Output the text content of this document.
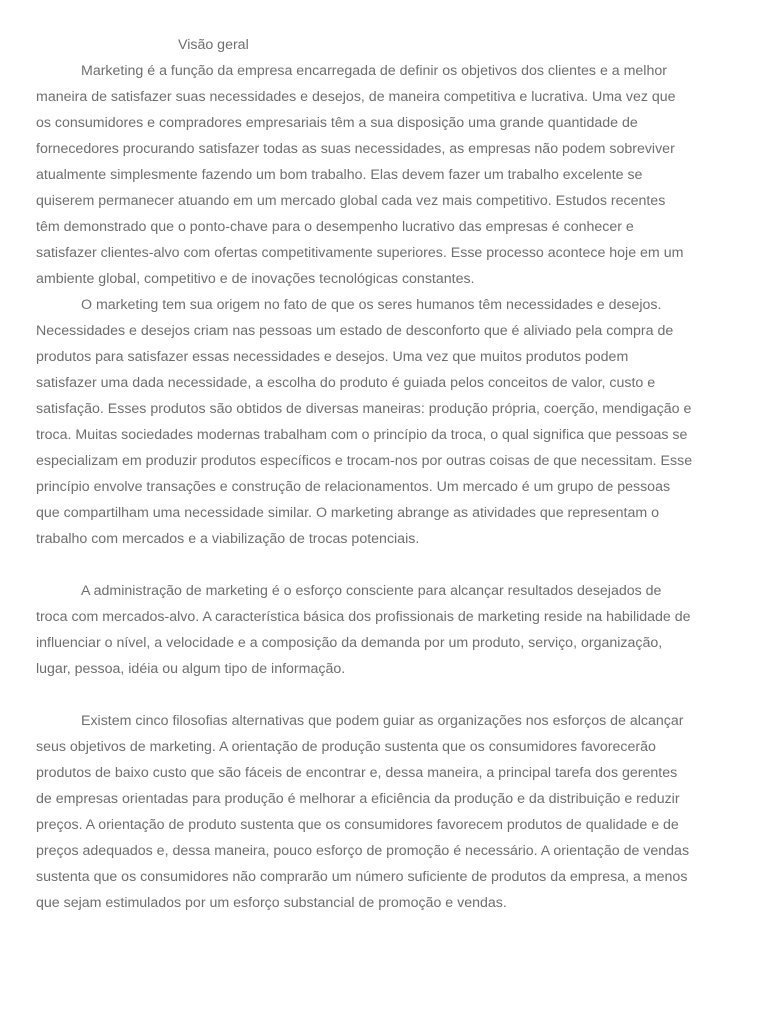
Visão geral

Marketing é a função da empresa encarregada de definir os objetivos dos clientes e a melhor
maneira de satisfazer suas necessidades e desejos, de maneira competitiva e lucrativa. Uma vez que
os consumidores e compradores empresariais têm a sua disposição uma grande quantidade de
fornecedores procurando satisfazer todas as suas necessidades, as empresas não podem sobreviver
atualmente simplesmente fazendo um bom trabalho. Elas devem fazer um trabalho excelente se
quiserem permanecer atuando em um mercado global cada vez mais competitivo. Estudos recentes
têm demonstrado que o ponto-chave para o desempenho lucrativo das empresas é conhecer e
satisfazer clientes-alvo com ofertas competitivamente superiores. Esse processo acontece hoje em um
ambiente global, competitivo e de inovações tecnológicas constantes.

O marketing tem sua origem no fato de que os seres humanos têm necessidades e desejos.
Necessidades e desejos criam nas pessoas um estado de desconforto que é aliviado pela compra de
produtos para satisfazer essas necessidades e desejos. Uma vez que muitos produtos podem
satisfazer uma dada necessidade, a escolha do produto é guiada pelos conceitos de valor, custo e
satisfação. Esses produtos são obtidos de diversas maneiras: produção própria, coerção, mendigação e
troca. Muitas sociedades modernas trabalham com o princípio da troca, o qual significa que pessoas se
especializam em produzir produtos específicos e trocam-nos por outras coisas de que necessitam. Esse
princípio envolve transações e construção de relacionamentos. Um mercado é um grupo de pessoas
que compartilham uma necessidade similar. O marketing abrange as atividades que representam o
trabalho com mercados e a viabilização de trocas potenciais.

A administração de marketing é o esforço consciente para alcançar resultados desejados de
troca com mercados-alvo. A característica básica dos profissionais de marketing reside na habilidade de
influenciar o nível, a velocidade e a composição da demanda por um produto, serviço, organização,
lugar, pessoa, idéia ou algum tipo de informação.

Existem cinco filosofias alternativas que podem guiar as organizações nos esforços de alcançar
seus objetivos de marketing. A orientação de produção sustenta que os consumidores favorecerão
produtos de baixo custo que são fáceis de encontrar e, dessa maneira, a principal tarefa dos gerentes
de empresas orientadas para produção é melhorar a eficiência da produção e da distribuição e reduzir
preços. A orientação de produto sustenta que os consumidores favorecem produtos de qualidade e de
preços adequados e, dessa maneira, pouco esforço de promoção é necessário. A orientação de vendas
sustenta que os consumidores não comprarão um número suficiente de produtos da empresa, a menos
que sejam estimulados por um esforço substancial de promoção e vendas.
